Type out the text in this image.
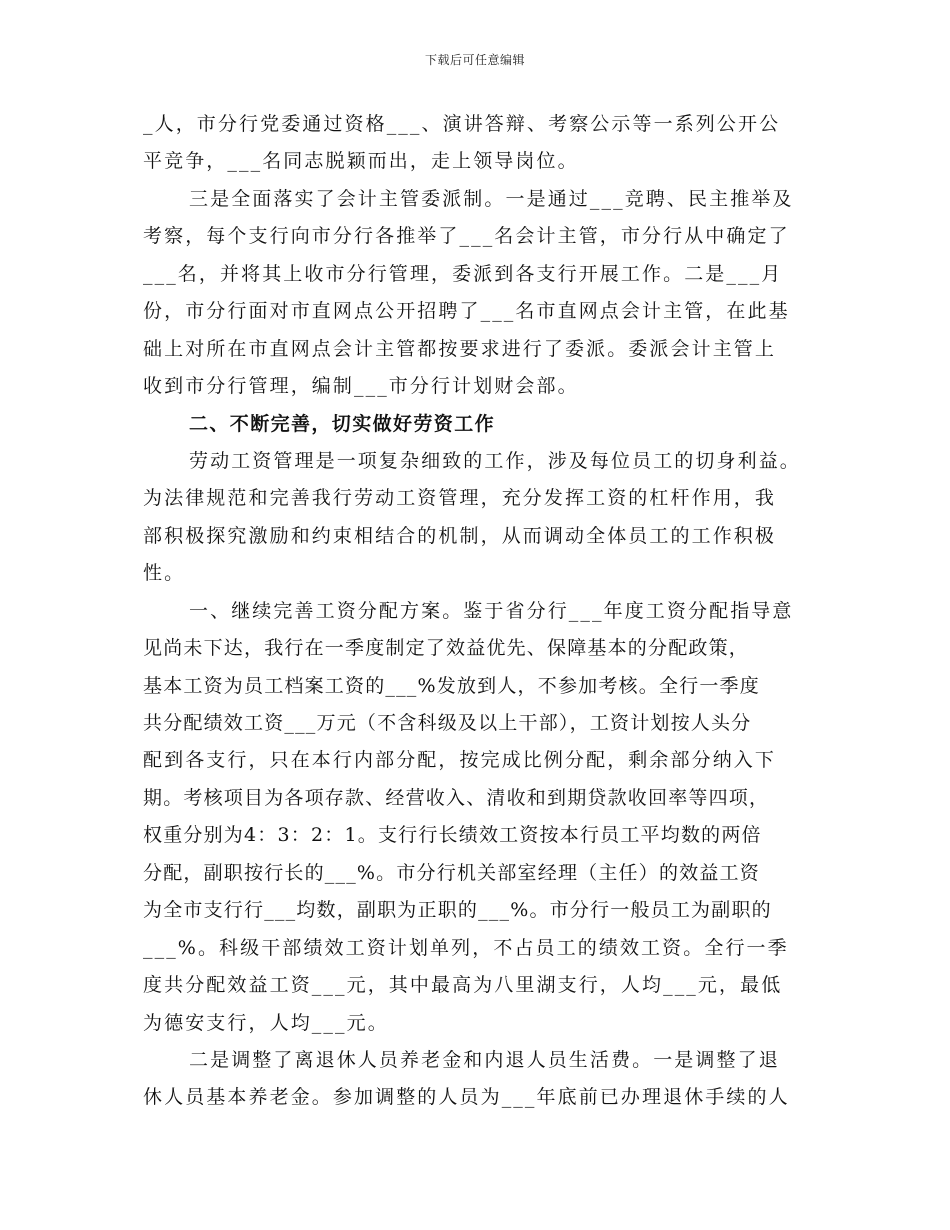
下载后可任意编辑
_人，市分行党委通过资格___、演讲答辩、考察公示等一系列公开公
平竞争，___名同志脱颖而出，走上领导岗位。
三是全面落实了会计主管委派制。一是通过___竞聘、民主推举及
考察，每个支行向市分行各推举了___名会计主管，市分行从中确定了
___名，并将其上收市分行管理，委派到各支行开展工作。二是___月
份，市分行面对市直网点公开招聘了___名市直网点会计主管，在此基
础上对所在市直网点会计主管都按要求进行了委派。委派会计主管上
收到市分行管理，编制___市分行计划财会部。
二、不断完善，切实做好劳资工作
劳动工资管理是一项复杂细致的工作，涉及每位员工的切身利益。
为法律规范和完善我行劳动工资管理，充分发挥工资的杠杆作用，我
部积极探究激励和约束相结合的机制，从而调动全体员工的工作积极
性。
一、继续完善工资分配方案。鉴于省分行___年度工资分配指导意
见尚未下达，我行在一季度制定了效益优先、保障基本的分配政策，
基本工资为员工档案工资的___%发放到人，不参加考核。全行一季度
共分配绩效工资___万元（不含科级及以上干部），工资计划按人头分
配到各支行，只在本行内部分配，按完成比例分配，剩余部分纳入下
期。考核项目为各项存款、经营收入、清收和到期贷款收回率等四项，
权重分别为4：3：2：1。支行行长绩效工资按本行员工平均数的两倍
分配，副职按行长的___%。市分行机关部室经理（主任）的效益工资
为全市支行行___均数，副职为正职的___%。市分行一般员工为副职的
___%。科级干部绩效工资计划单列，不占员工的绩效工资。全行一季
度共分配效益工资___元，其中最高为八里湖支行，人均___元，最低
为德安支行，人均___元。
二是调整了离退休人员养老金和内退人员生活费。一是调整了退
休人员基本养老金。参加调整的人员为___年底前已办理退休手续的人
